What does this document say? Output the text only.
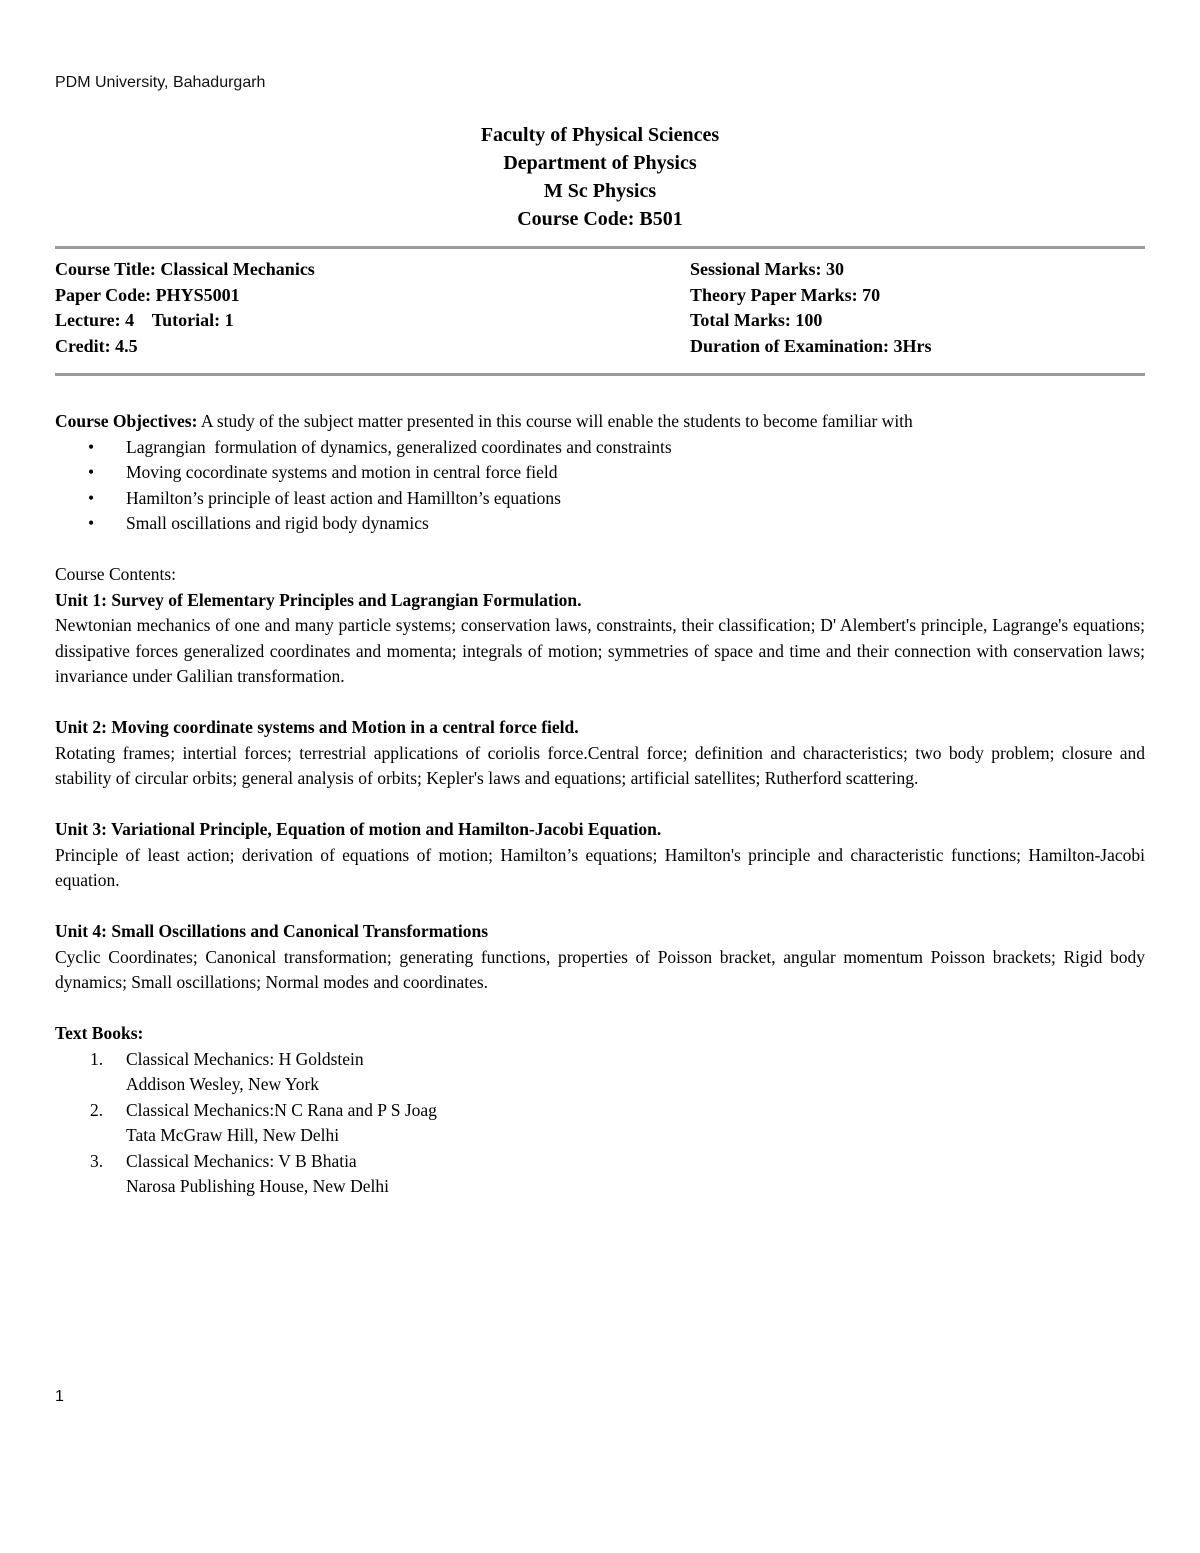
PDM University, Bahadurgarh
Faculty of Physical Sciences
Department of Physics
M Sc Physics
Course Code: B501
Course Title: Classical Mechanics
Paper Code: PHYS5001
Lecture: 4    Tutorial: 1
Credit: 4.5
Sessional Marks: 30
Theory Paper Marks: 70
Total Marks: 100
Duration of Examination: 3Hrs

Course Objectives: A study of the subject matter presented in this course will enable the students to become familiar with

• Lagrangian  formulation of dynamics, generalized coordinates and constraints
• Moving cocordinate systems and motion in central force field
• Hamilton’s principle of least action and Hamillton’s equations
• Small oscillations and rigid body dynamics

Course Contents:

Unit 1: Survey of Elementary Principles and Lagrangian Formulation.

Newtonian mechanics of one and many particle systems; conservation laws, constraints, their classification; D' Alembert's principle, Lagrange's equations; dissipative forces generalized coordinates and momenta; integrals of motion; symmetries of space and time and their connection with conservation laws; invariance under Galilian transformation.

Unit 2: Moving coordinate systems and Motion in a central force field.

Rotating frames; intertial forces; terrestrial applications of coriolis force.Central force; definition and characteristics; two body problem; closure and stability of circular orbits; general analysis of orbits; Kepler's laws and equations; artificial satellites; Rutherford scattering.

Unit 3: Variational Principle, Equation of motion and Hamilton-Jacobi Equation.

Principle of least action; derivation of equations of motion; Hamilton’s equations; Hamilton's principle and characteristic functions; Hamilton-Jacobi equation.

Unit 4: Small Oscillations and Canonical Transformations

Cyclic Coordinates; Canonical transformation; generating functions, properties of Poisson bracket, angular momentum Poisson brackets; Rigid body dynamics; Small oscillations; Normal modes and coordinates.

Text Books:

1. Classical Mechanics: H Goldstein
Addison Wesley, New York
2. Classical Mechanics:N C Rana and P S Joag
Tata McGraw Hill, New Delhi
3. Classical Mechanics: V B Bhatia
Narosa Publishing House, New Delhi
1
